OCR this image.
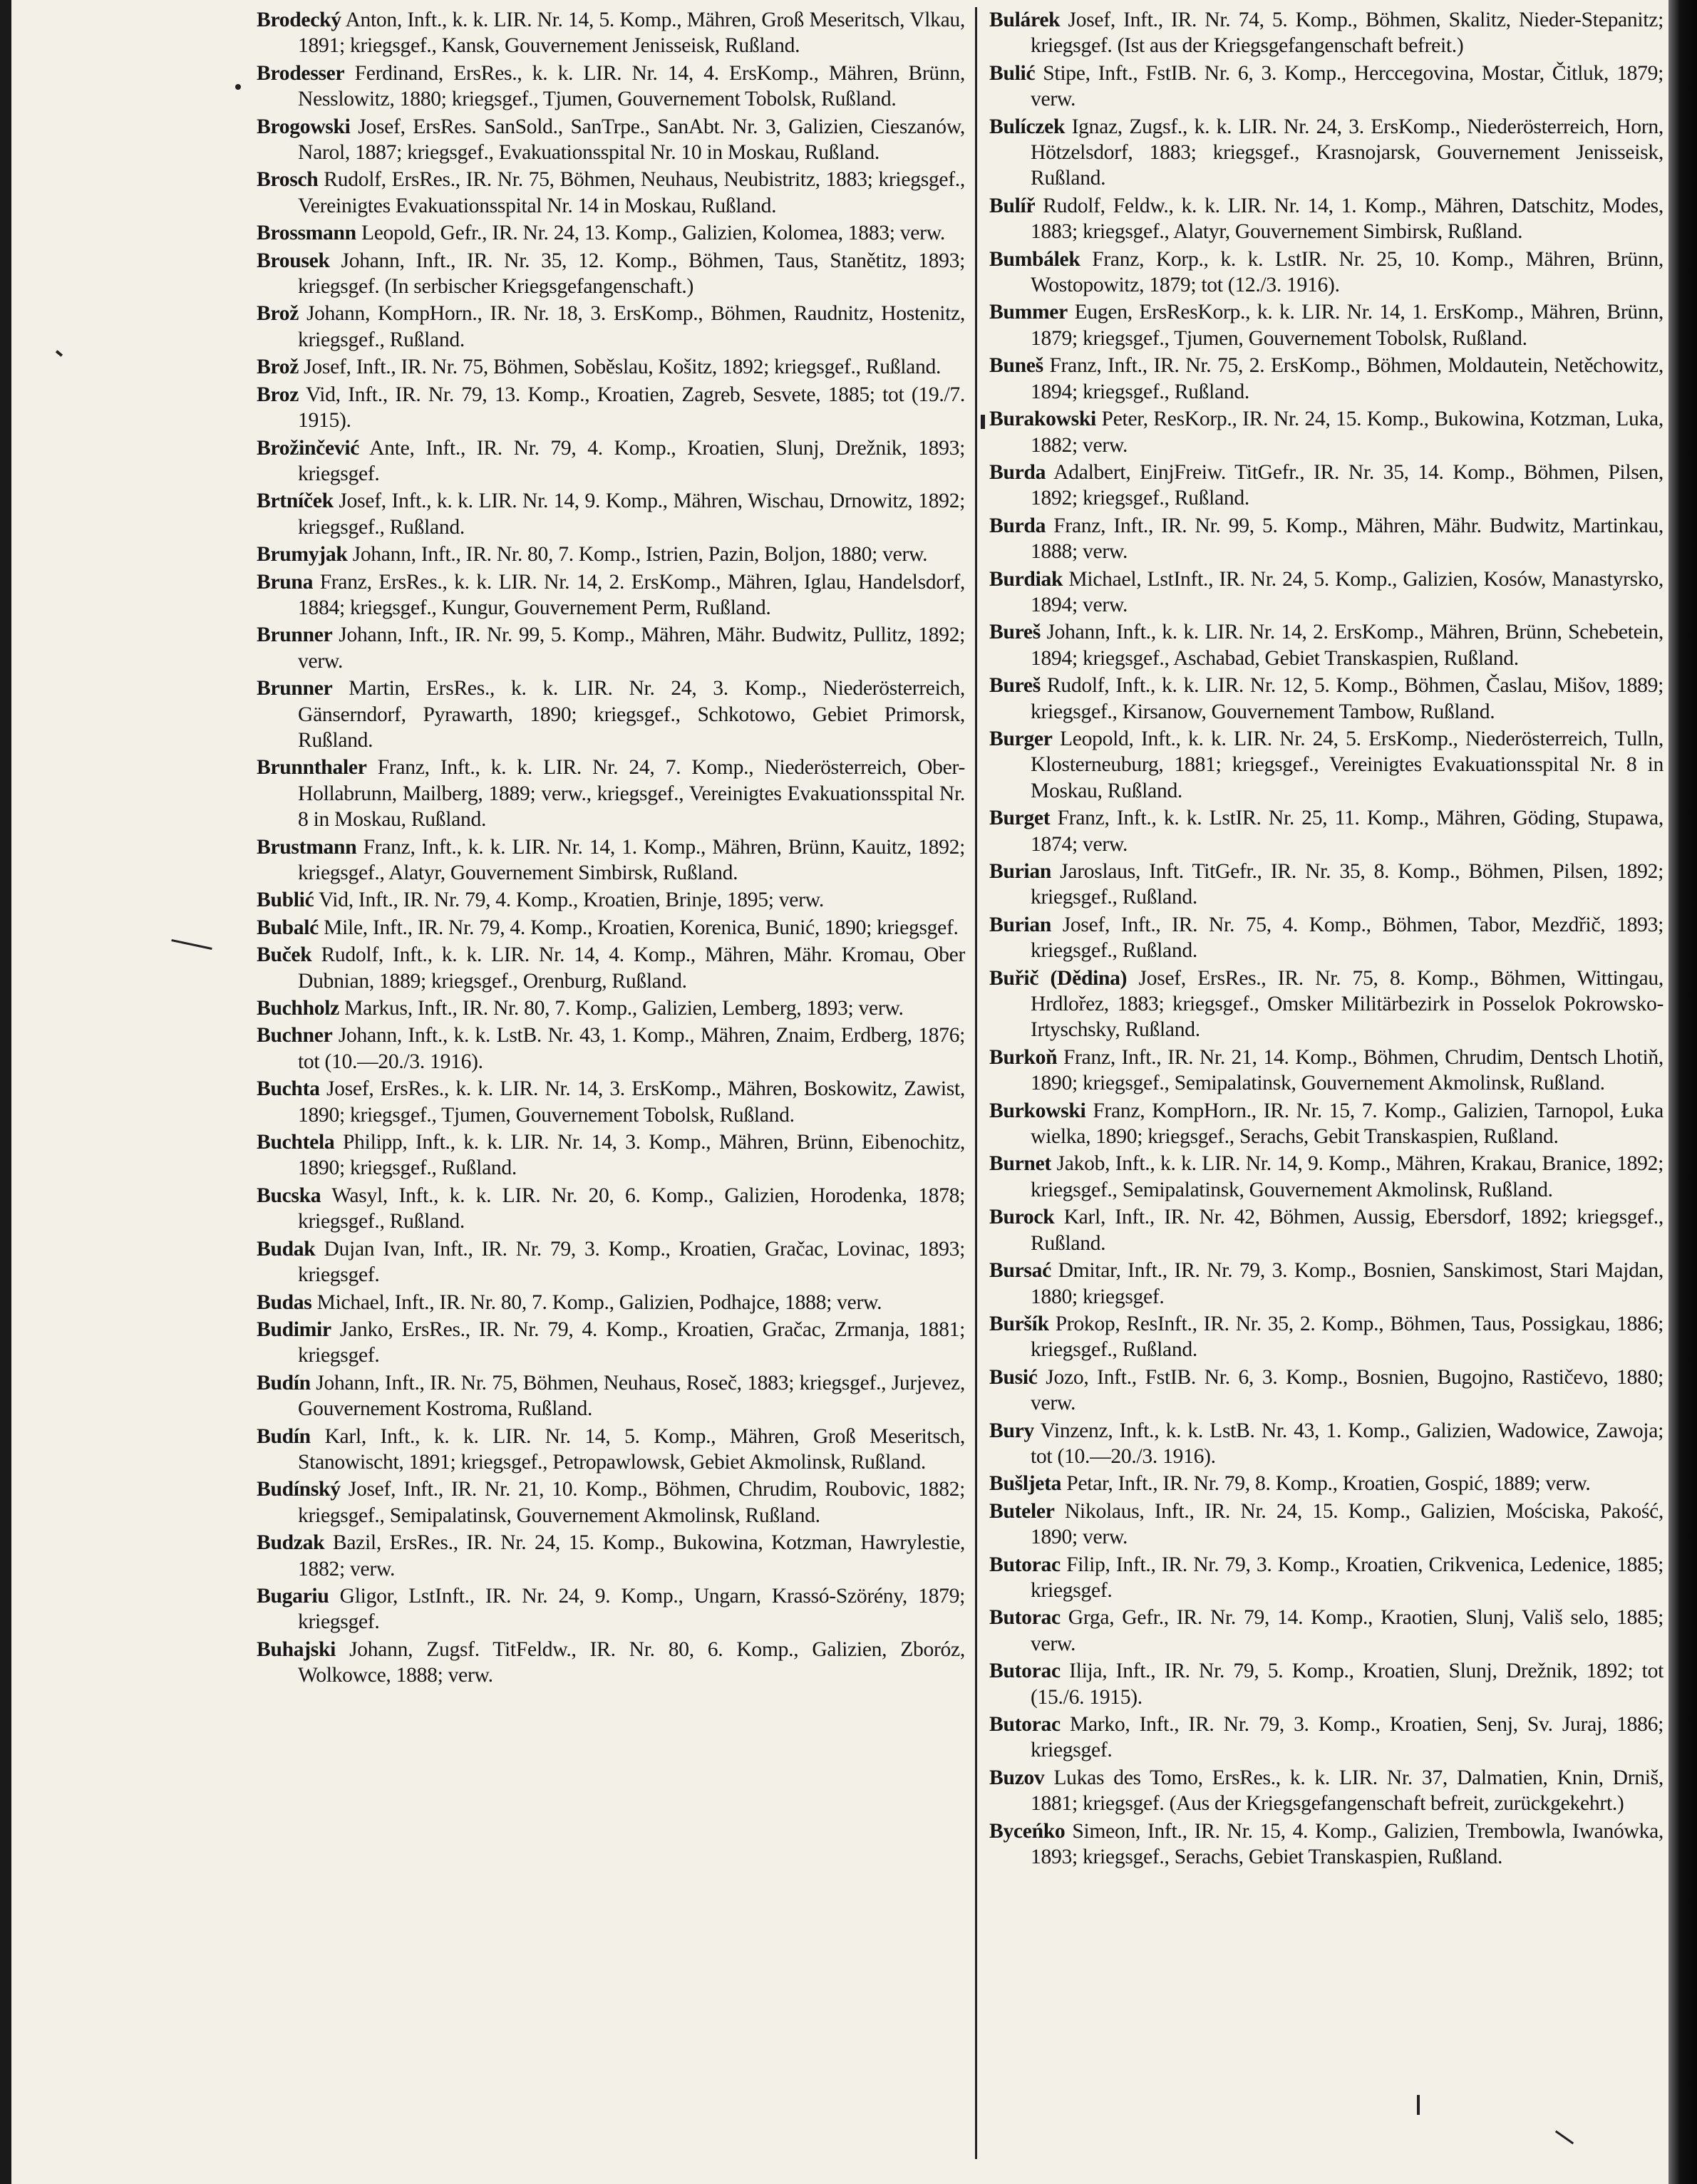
Brodecký Anton, Inft., k. k. LIR. Nr. 14, 5. Komp., Mähren, Groß Meseritsch, Vlkau, 1891; kriegsgef., Kansk, Gouvernement Jenisseisk, Rußland.

Brodesser Ferdinand, ErsRes., k. k. LIR. Nr. 14, 4. ErsKomp., Mähren, Brünn, Nesslowitz, 1880; kriegsgef., Tjumen, Gouvernement Tobolsk, Rußland.

Brogowski Josef, ErsRes. SanSold., SanTrpe., SanAbt. Nr. 3, Galizien, Cieszanów, Narol, 1887; kriegsgef., Evakuationsspital Nr. 10 in Moskau, Rußland.

Brosch Rudolf, ErsRes., IR. Nr. 75, Böhmen, Neuhaus, Neubistritz, 1883; kriegsgef., Vereinigtes Evakuationsspital Nr. 14 in Moskau, Rußland.

Brossmann Leopold, Gefr., IR. Nr. 24, 13. Komp., Galizien, Kolomea, 1883; verw.

Brousek Johann, Inft., IR. Nr. 35, 12. Komp., Böhmen, Taus, Stanětitz, 1893; kriegsgef. (In serbischer Kriegsgefangenschaft.)

Brož Johann, KompHorn., IR. Nr. 18, 3. ErsKomp., Böhmen, Raudnitz, Hostenitz, kriegsgef., Rußland.

Brož Josef, Inft., IR. Nr. 75, Böhmen, Soběslau, Košitz, 1892; kriegsgef., Rußland.

Broz Vid, Inft., IR. Nr. 79, 13. Komp., Kroatien, Zagreb, Sesvete, 1885; tot (19./7. 1915).

Brožinčević Ante, Inft., IR. Nr. 79, 4. Komp., Kroatien, Slunj, Drežnik, 1893; kriegsgef.

Brtníček Josef, Inft., k. k. LIR. Nr. 14, 9. Komp., Mähren, Wischau, Drnowitz, 1892; kriegsgef., Rußland.

Brumyjak Johann, Inft., IR. Nr. 80, 7. Komp., Istrien, Pazin, Boljon, 1880; verw.

Bruna Franz, ErsRes., k. k. LIR. Nr. 14, 2. ErsKomp., Mähren, Iglau, Handelsdorf, 1884; kriegsgef., Kungur, Gouvernement Perm, Rußland.

Brunner Johann, Inft., IR. Nr. 99, 5. Komp., Mähren, Mähr. Budwitz, Pullitz, 1892; verw.

Brunner Martin, ErsRes., k. k. LIR. Nr. 24, 3. Komp., Niederösterreich, Gänserndorf, Pyrawarth, 1890; kriegsgef., Schkotowo, Gebiet Primorsk, Rußland.

Brunnthaler Franz, Inft., k. k. LIR. Nr. 24, 7. Komp., Niederösterreich, Ober-Hollabrunn, Mailberg, 1889; verw., kriegsgef., Vereinigtes Evakuationsspital Nr. 8 in Moskau, Rußland.

Brustmann Franz, Inft., k. k. LIR. Nr. 14, 1. Komp., Mähren, Brünn, Kauitz, 1892; kriegsgef., Alatyr, Gouvernement Simbirsk, Rußland.

Bublić Vid, Inft., IR. Nr. 79, 4. Komp., Kroatien, Brinje, 1895; verw.

Bubalć Mile, Inft., IR. Nr. 79, 4. Komp., Kroatien, Korenica, Bunić, 1890; kriegsgef.

Buček Rudolf, Inft., k. k. LIR. Nr. 14, 4. Komp., Mähren, Mähr. Kromau, Ober Dubnian, 1889; kriegsgef., Orenburg, Rußland.

Buchholz Markus, Inft., IR. Nr. 80, 7. Komp., Galizien, Lemberg, 1893; verw.

Buchner Johann, Inft., k. k. LstB. Nr. 43, 1. Komp., Mähren, Znaim, Erdberg, 1876; tot (10.—20./3. 1916).

Buchta Josef, ErsRes., k. k. LIR. Nr. 14, 3. ErsKomp., Mähren, Boskowitz, Zawist, 1890; kriegsgef., Tjumen, Gouvernement Tobolsk, Rußland.

Buchtela Philipp, Inft., k. k. LIR. Nr. 14, 3. Komp., Mähren, Brünn, Eibenochitz, 1890; kriegsgef., Rußland.

Bucska Wasyl, Inft., k. k. LIR. Nr. 20, 6. Komp., Galizien, Horodenka, 1878; kriegsgef., Rußland.

Budak Dujan Ivan, Inft., IR. Nr. 79, 3. Komp., Kroatien, Gračac, Lovinac, 1893; kriegsgef.

Budas Michael, Inft., IR. Nr. 80, 7. Komp., Galizien, Podhajce, 1888; verw.

Budimir Janko, ErsRes., IR. Nr. 79, 4. Komp., Kroatien, Gračac, Zrmanja, 1881; kriegsgef.

Budín Johann, Inft., IR. Nr. 75, Böhmen, Neuhaus, Roseč, 1883; kriegsgef., Jurjevez, Gouvernement Kostroma, Rußland.

Budín Karl, Inft., k. k. LIR. Nr. 14, 5. Komp., Mähren, Groß Meseritsch, Stanowischt, 1891; kriegsgef., Petropawlowsk, Gebiet Akmolinsk, Rußland.

Budínský Josef, Inft., IR. Nr. 21, 10. Komp., Böhmen, Chrudim, Roubovic, 1882; kriegsgef., Semipalatinsk, Gouvernement Akmolinsk, Rußland.

Budzak Bazil, ErsRes., IR. Nr. 24, 15. Komp., Bukowina, Kotzman, Hawrylestie, 1882; verw.

Bugariu Gligor, LstInft., IR. Nr. 24, 9. Komp., Ungarn, Krassó-Szörény, 1879; kriegsgef.

Buhajski Johann, Zugsf. TitFeldw., IR. Nr. 80, 6. Komp., Galizien, Zboróz, Wolkowce, 1888; verw.

Bulárek Josef, Inft., IR. Nr. 74, 5. Komp., Böhmen, Skalitz, Nieder-Stepanitz; kriegsgef. (Ist aus der Kriegsgefangenschaft befreit.)

Bulić Stipe, Inft., FstIB. Nr. 6, 3. Komp., Herccegovina, Mostar, Čitluk, 1879; verw.

Bulíczek Ignaz, Zugsf., k. k. LIR. Nr. 24, 3. ErsKomp., Niederösterreich, Horn, Hötzelsdorf, 1883; kriegsgef., Krasnojarsk, Gouvernement Jenisseisk, Rußland.

Bulíř Rudolf, Feldw., k. k. LIR. Nr. 14, 1. Komp., Mähren, Datschitz, Modes, 1883; kriegsgef., Alatyr, Gouvernement Simbirsk, Rußland.

Bumbálek Franz, Korp., k. k. LstIR. Nr. 25, 10. Komp., Mähren, Brünn, Wostopowitz, 1879; tot (12./3. 1916).

Bummer Eugen, ErsResKorp., k. k. LIR. Nr. 14, 1. ErsKomp., Mähren, Brünn, 1879; kriegsgef., Tjumen, Gouvernement Tobolsk, Rußland.

Buneš Franz, Inft., IR. Nr. 75, 2. ErsKomp., Böhmen, Moldautein, Netěchowitz, 1894; kriegsgef., Rußland.

Burakowski Peter, ResKorp., IR. Nr. 24, 15. Komp., Bukowina, Kotzman, Luka, 1882; verw.

Burda Adalbert, EinjFreiw. TitGefr., IR. Nr. 35, 14. Komp., Böhmen, Pilsen, 1892; kriegsgef., Rußland.

Burda Franz, Inft., IR. Nr. 99, 5. Komp., Mähren, Mähr. Budwitz, Martinkau, 1888; verw.

Burdiak Michael, LstInft., IR. Nr. 24, 5. Komp., Galizien, Kosów, Manastyrsko, 1894; verw.

Bureš Johann, Inft., k. k. LIR. Nr. 14, 2. ErsKomp., Mähren, Brünn, Schebetein, 1894; kriegsgef., Aschabad, Gebiet Transkaspien, Rußland.

Bureš Rudolf, Inft., k. k. LIR. Nr. 12, 5. Komp., Böhmen, Časlau, Mišov, 1889; kriegsgef., Kirsanow, Gouvernement Tambow, Rußland.

Burger Leopold, Inft., k. k. LIR. Nr. 24, 5. ErsKomp., Niederösterreich, Tulln, Klosterneuburg, 1881; kriegsgef., Vereinigtes Evakuationsspital Nr. 8 in Moskau, Rußland.

Burget Franz, Inft., k. k. LstIR. Nr. 25, 11. Komp., Mähren, Göding, Stupawa, 1874; verw.

Burian Jaroslaus, Inft. TitGefr., IR. Nr. 35, 8. Komp., Böhmen, Pilsen, 1892; kriegsgef., Rußland.

Burian Josef, Inft., IR. Nr. 75, 4. Komp., Böhmen, Tabor, Mezdřič, 1893; kriegsgef., Rußland.

Buřič (Dědina) Josef, ErsRes., IR. Nr. 75, 8. Komp., Böhmen, Wittingau, Hrdlořez, 1883; kriegsgef., Omsker Militärbezirk in Posselok Pokrowsko-Irtyschsky, Rußland.

Burkoň Franz, Inft., IR. Nr. 21, 14. Komp., Böhmen, Chrudim, Dentsch Lhotiň, 1890; kriegsgef., Semipalatinsk, Gouvernement Akmolinsk, Rußland.

Burkowski Franz, KompHorn., IR. Nr. 15, 7. Komp., Galizien, Tarnopol, Łuka wielka, 1890; kriegsgef., Serachs, Gebit Transkaspien, Rußland.

Burnet Jakob, Inft., k. k. LIR. Nr. 14, 9. Komp., Mähren, Krakau, Branice, 1892; kriegsgef., Semipalatinsk, Gouvernement Akmolinsk, Rußland.

Burock Karl, Inft., IR. Nr. 42, Böhmen, Aussig, Ebersdorf, 1892; kriegsgef., Rußland.

Bursać Dmitar, Inft., IR. Nr. 79, 3. Komp., Bosnien, Sanskimost, Stari Majdan, 1880; kriegsgef.

Buršík Prokop, ResInft., IR. Nr. 35, 2. Komp., Böhmen, Taus, Possigkau, 1886; kriegsgef., Rußland.

Busić Jozo, Inft., FstIB. Nr. 6, 3. Komp., Bosnien, Bugojno, Rastičevo, 1880; verw.

Bury Vinzenz, Inft., k. k. LstB. Nr. 43, 1. Komp., Galizien, Wadowice, Zawoja; tot (10.—20./3. 1916).

Bušljeta Petar, Inft., IR. Nr. 79, 8. Komp., Kroatien, Gospić, 1889; verw.

Buteler Nikolaus, Inft., IR. Nr. 24, 15. Komp., Galizien, Mościska, Pakość, 1890; verw.

Butorac Filip, Inft., IR. Nr. 79, 3. Komp., Kroatien, Crikvenica, Ledenice, 1885; kriegsgef.

Butorac Grga, Gefr., IR. Nr. 79, 14. Komp., Kraotien, Slunj, Vališ selo, 1885; verw.

Butorac Ilija, Inft., IR. Nr. 79, 5. Komp., Kroatien, Slunj, Drežnik, 1892; tot (15./6. 1915).

Butorac Marko, Inft., IR. Nr. 79, 3. Komp., Kroatien, Senj, Sv. Juraj, 1886; kriegsgef.

Buzov Lukas des Tomo, ErsRes., k. k. LIR. Nr. 37, Dalmatien, Knin, Drniš, 1881; kriegsgef. (Aus der Kriegsgefangenschaft befreit, zurückgekehrt.)

Byceńko Simeon, Inft., IR. Nr. 15, 4. Komp., Galizien, Trembowla, Iwanówka, 1893; kriegsgef., Serachs, Gebiet Transkaspien, Rußland.
